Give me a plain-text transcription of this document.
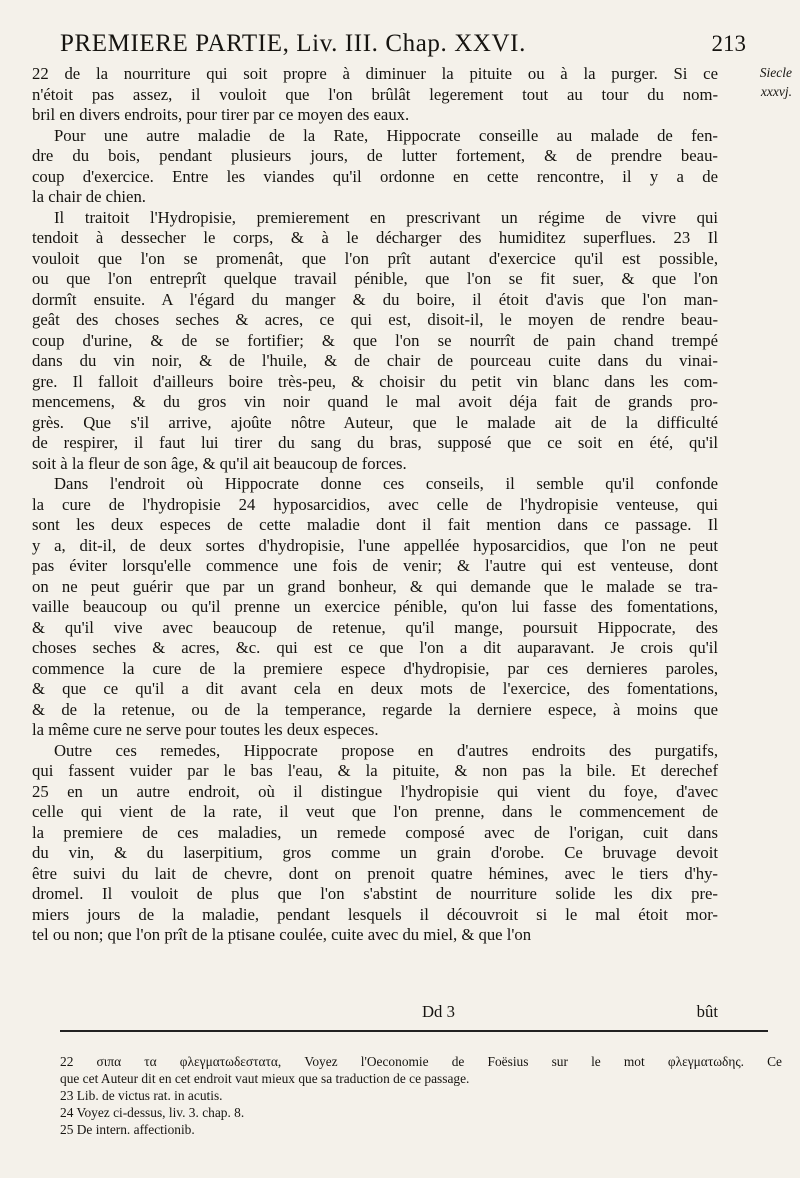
PREMIERE PARTIE, Liv. III. Chap. XXVI.	213
Siecle
xxxvj.
22 de la nourriture qui soit propre à diminuer la pituite ou à la purger. Si ce
n'étoit pas assez, il vouloit que l'on brûlât legerement tout au tour du nom-
bril en divers endroits, pour tirer par ce moyen des eaux.
Pour une autre maladie de la Rate, Hippocrate conseille au malade de fen-
dre du bois, pendant plusieurs jours, de lutter fortement, & de prendre beau-
coup d'exercice. Entre les viandes qu'il ordonne en cette rencontre, il y a de
la chair de chien.
Il traitoit l'Hydropisie, premierement en prescrivant un régime de vivre qui
tendoit à dessecher le corps, & à le décharger des humiditez superflues. 23 Il
vouloit que l'on se promenât, que l'on prît autant d'exercice qu'il est possible,
ou que l'on entreprît quelque travail pénible, que l'on se fit suer, & que l'on
dormît ensuite. A l'égard du manger & du boire, il étoit d'avis que l'on man-
geât des choses seches & acres, ce qui est, disoit-il, le moyen de rendre beau-
coup d'urine, & de se fortifier; & que l'on se nourrît de pain chand trempé
dans du vin noir, & de l'huile, & de chair de pourceau cuite dans du vinai-
gre. Il falloit d'ailleurs boire très-peu, & choisir du petit vin blanc dans les com-
mencemens, & du gros vin noir quand le mal avoit déja fait de grands pro-
grès. Que s'il arrive, ajoûte nôtre Auteur, que le malade ait de la difficulté
de respirer, il faut lui tirer du sang du bras, supposé que ce soit en été, qu'il
soit à la fleur de son âge, & qu'il ait beaucoup de forces.
Dans l'endroit où Hippocrate donne ces conseils, il semble qu'il confonde
la cure de l'hydropisie 24 hyposarcidios, avec celle de l'hydropisie venteuse, qui
sont les deux especes de cette maladie dont il fait mention dans ce passage. Il
y a, dit-il, de deux sortes d'hydropisie, l'une appellée hyposarcidios, que l'on ne peut
pas éviter lorsqu'elle commence une fois de venir; & l'autre qui est venteuse, dont
on ne peut guérir que par un grand bonheur, & qui demande que le malade se tra-
vaille beaucoup ou qu'il prenne un exercice pénible, qu'on lui fasse des fomentations,
& qu'il vive avec beaucoup de retenue, qu'il mange, poursuit Hippocrate, des
choses seches & acres, &c. qui est ce que l'on a dit auparavant. Je crois qu'il
commence la cure de la premiere espece d'hydropisie, par ces dernieres paroles,
& que ce qu'il a dit avant cela en deux mots de l'exercice, des fomentations,
& de la retenue, ou de la temperance, regarde la derniere espece, à moins que
la même cure ne serve pour toutes les deux especes.
Outre ces remedes, Hippocrate propose en d'autres endroits des purgatifs,
qui fassent vuider par le bas l'eau, & la pituite, & non pas la bile. Et derechef
25 en un autre endroit, où il distingue l'hydropisie qui vient du foye, d'avec
celle qui vient de la rate, il veut que l'on prenne, dans le commencement de
la premiere de ces maladies, un remede composé avec de l'origan, cuit dans
du vin, & du laserpitium, gros comme un grain d'orobe. Ce bruvage devoit
être suivi du lait de chevre, dont on prenoit quatre hémines, avec le tiers d'hy-
dromel. Il vouloit de plus que l'on s'abstint de nourriture solide les dix pre-
miers jours de la maladie, pendant lesquels il découvroit si le mal étoit mor-
tel ou non; que l'on prît de la ptisane coulée, cuite avec du miel, & que l'on
Dd 3	bût
22 σιπα τα φλεγματωδεστατα, Voyez l'Oeconomie de Foësius sur le mot φλεγματωδης. Ce
que cet Auteur dit en cet endroit vaut mieux que sa traduction de ce passage.
23 Lib. de victus rat. in acutis.
24 Voyez ci-dessus, liv. 3. chap. 8.
25 De intern. affectionib.
